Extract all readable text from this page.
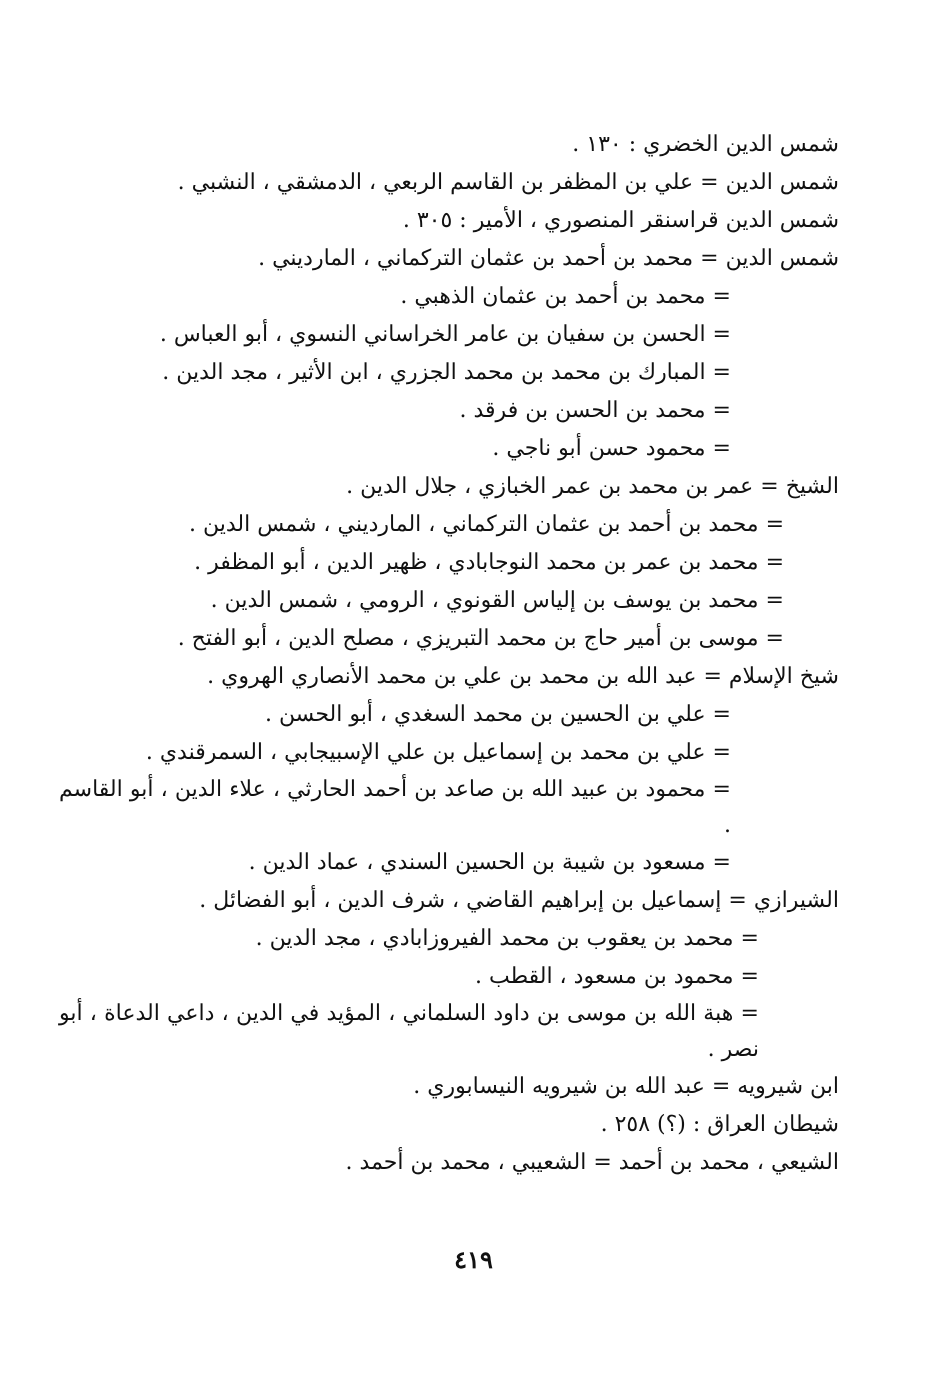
شمس الدين الخضري : ١٣٠ .
شمس الدين = علي بن المظفر بن القاسم الربعي ، الدمشقي ، النشبي .
شمس الدين قراسنقر المنصوري ، الأمير : ٣٠٥ .
شمس الدين = محمد بن أحمد بن عثمان التركماني ، المارديني .
= محمد بن أحمد بن عثمان الذهبي .
= الحسن بن سفيان بن عامر الخراساني النسوي ، أبو العباس .
= المبارك بن محمد بن محمد الجزري ، ابن الأثير ، مجد الدين .
= محمد بن الحسن بن فرقد .
= محمود حسن أبو ناجي .
الشيخ = عمر بن محمد بن عمر الخبازي ، جلال الدين .
= محمد بن أحمد بن عثمان التركماني ، المارديني ، شمس الدين .
= محمد بن عمر بن محمد النوجابادي ، ظهير الدين ، أبو المظفر .
= محمد بن يوسف بن إلياس القونوي ، الرومي ، شمس الدين .
= موسى بن أمير حاج بن محمد التبريزي ، مصلح الدين ، أبو الفتح .
شيخ الإسلام = عبد الله بن محمد بن علي بن محمد الأنصاري الهروي .
= علي بن الحسين بن محمد السغدي ، أبو الحسن .
= علي بن محمد بن إسماعيل بن علي الإسبيجابي ، السمرقندي .
= محمود بن عبيد الله بن صاعد بن أحمد الحارثي ، علاء الدين ، أبو القاسم .
= مسعود بن شيبة بن الحسين السندي ، عماد الدين .
الشيرازي = إسماعيل بن إبراهيم القاضي ، شرف الدين ، أبو الفضائل .
= محمد بن يعقوب بن محمد الفيروزابادي ، مجد الدين .
= محمود بن مسعود ، القطب .
= هبة الله بن موسى بن داود السلماني ، المؤيد في الدين ، داعي الدعاة ، أبو نصر .
ابن شيرويه = عبد الله بن شيرويه النيسابوري .
شيطان العراق : (؟) ٢٥٨ .
الشيعي ، محمد بن أحمد = الشعيبي ، محمد بن أحمد .
٤١٩
